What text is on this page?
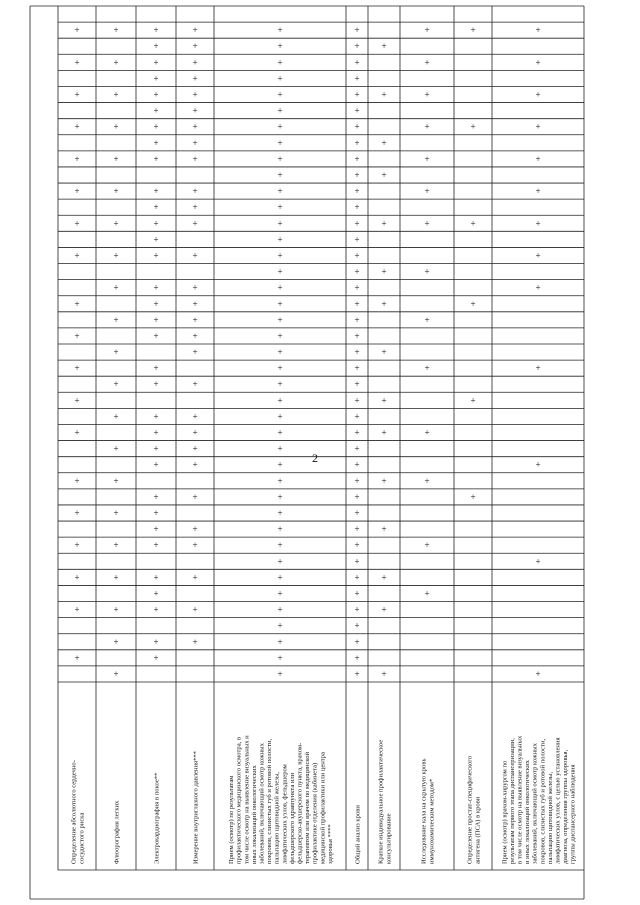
2
+
+
+
+
+
+
+
+
+
+
+
+
+
+
+
+
+
+
+
Определение абсолютного сердечно- сосудистого риска
+
+
+
+
+
+
+
+
+
+
+
+
+
+
+
+
+
+
+
+
+
Флюорография легких
+
+
+
+
+
+
+
+
+
+
+
+
+
+
+
+
+
+
+
+
+
+
+
+
+
+
+
+
+
+
+
+
+
Электрокардиография в покое**
+
+
+
+
+
+
+
+
+
+
+
+
+
+
+
+
+
+
+
+
+
+
+
+
+
+
+
+
+
Измерение внутриглазного давления***
+
+
+
+
+
+
+
+
+
+
+
+
+
+
+
+
+
+
+
+
+
+
+
+
+
+
+
+
+
+
+
+
+
+
+
+
+
+
+
+
+
Прием (осмотр) по результатам профилактического медицинского осмотра, в том числе осмотр на выявление визуальных и иных локализаций онкологических заболеваний, включающий осмотр кожных покровов, слизистых губ и ротовой полости, пальпацию щитовидной железы, лимфатических узлов, фельдшером фельдшерского здравпункта или фельдшерско-акушерского пункта, врачом- терапевтом или врачом по медицинской профилактике отделения (кабинета) медицинской профилактики или центра здоровья ****
+
+
+
+
+
+
+
+
+
+
+
+
+
+
+
+
+
+
+
+
+
+
+
+
+
+
+
+
+
+
+
+
+
+
+
+
+
+
+
+
+
Общий анализ крови
+
+
+
+
+
+
+
+
+
+
+
+
+
+
+
Краткое индивидуальное профилактическое консультирование
+
+
+
+
+
+
+
+
+
+
+
+
+
+
Исследование кала на скрытую кровь иммунохимическим методом*
+
+
+
+
+
+
Определение простат-специфического антигена (ПСА) в крови
+
+
+
+
+
+
+
+
+
+
+
+
+
Прием (осмотр) врачом-хирургом по результатам первого этапа диспансеризации, в том числе осмотр на выявление визуальных и иных локализаций онкологических заболеваний, включающий осмотр кожных покровов, слизистых губ и ротовой полости, пальпацию щитовидной железы, лимфатических узлов, с целью установления диагноза, определения группы здоровья, группы диспансерного наблюдения
